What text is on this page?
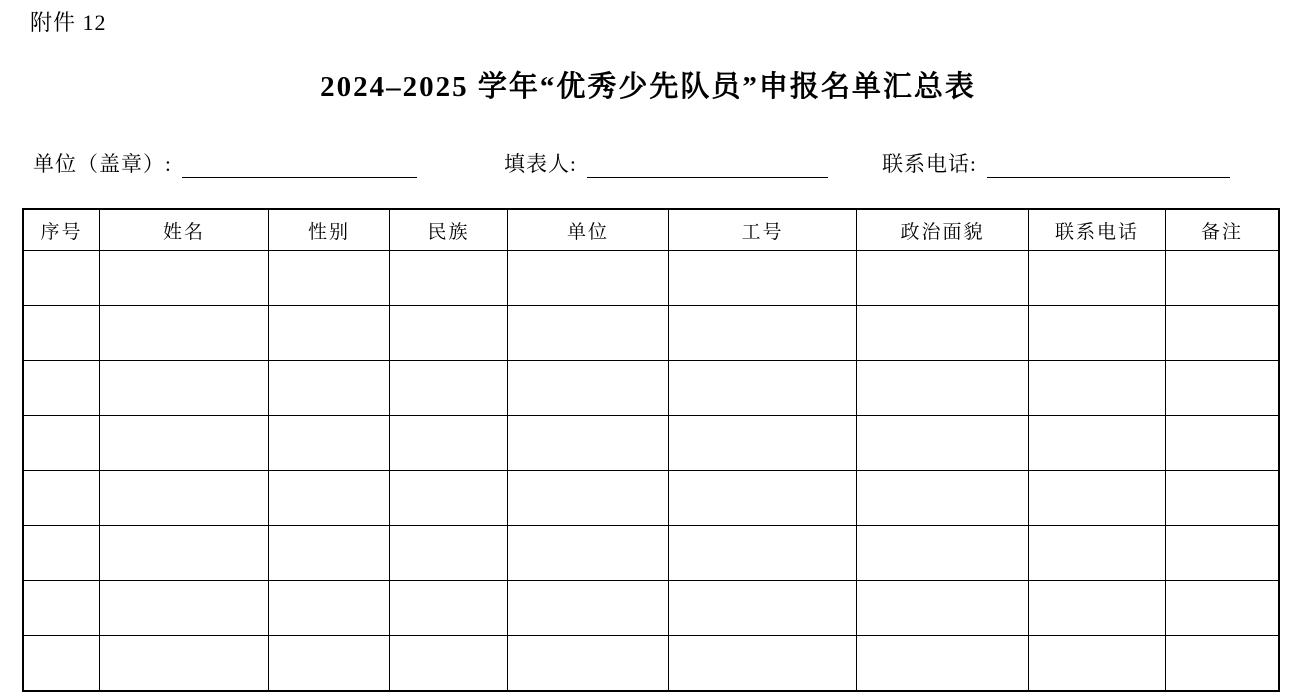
附件 12
2024–2025 学年“优秀少先队员”申报名单汇总表
单位（盖章）:	填表人:	联系电话:
序号	姓名	性别	民族	单位	工号	政治面貌	联系电话	备注
